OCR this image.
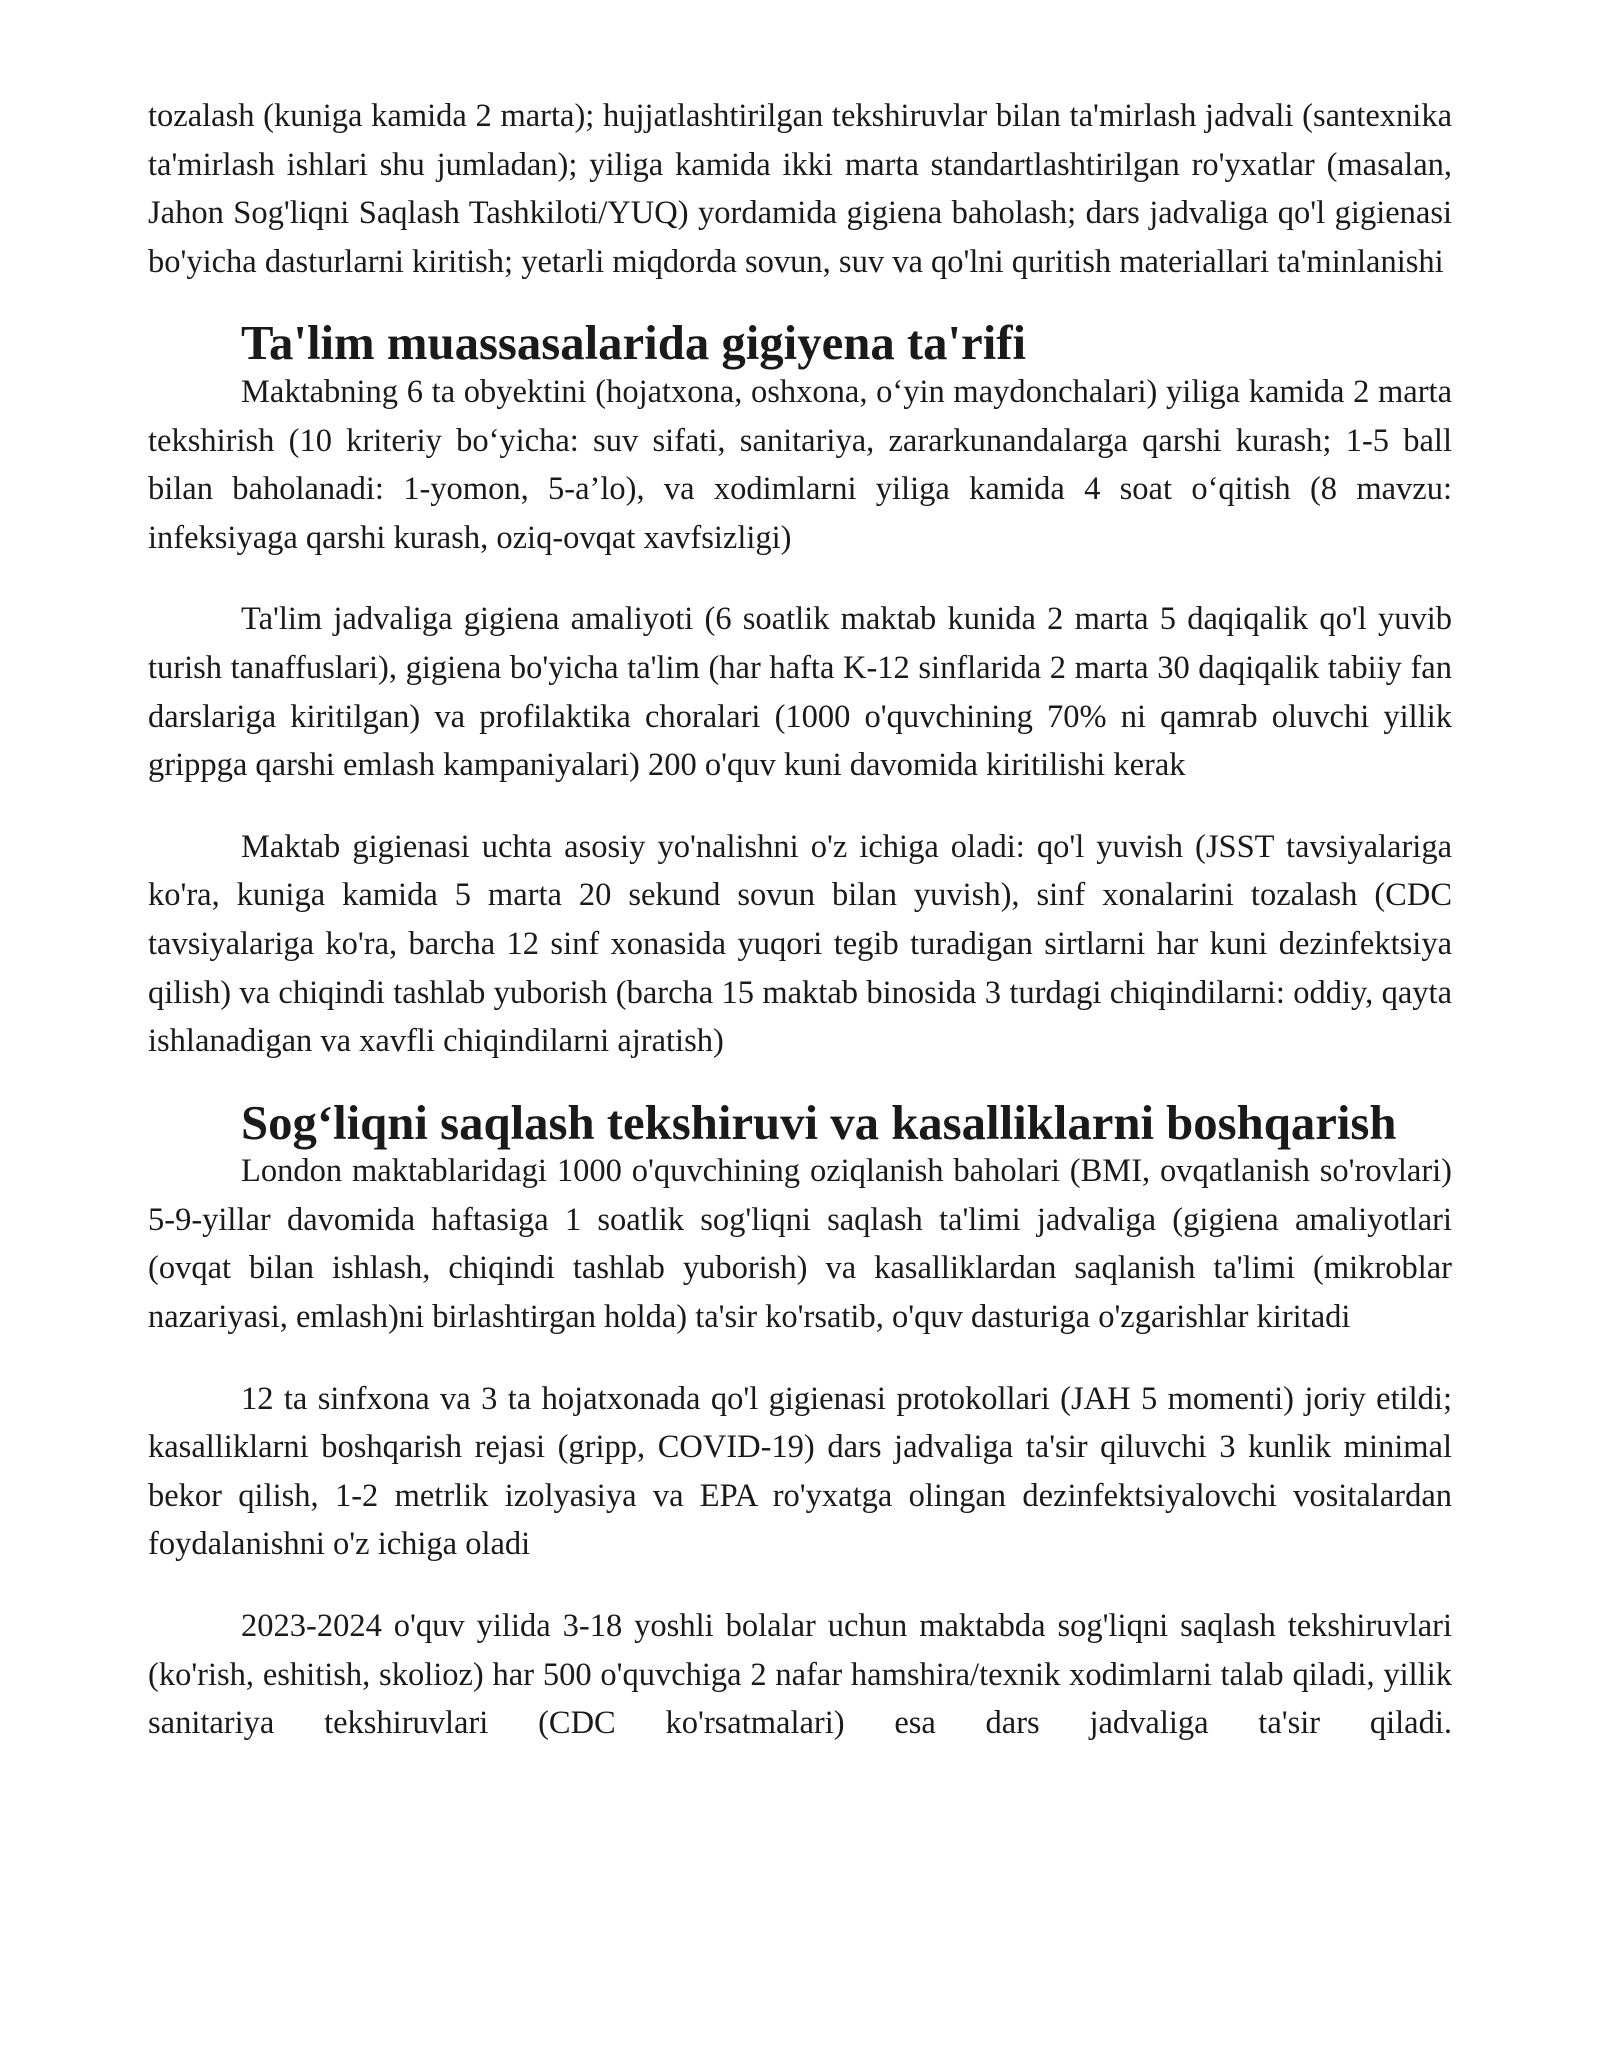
tozalash (kuniga kamida 2 marta); hujjatlashtirilgan tekshiruvlar bilan ta'mirlash jadvali (santexnika ta'mirlash ishlari shu jumladan); yiliga kamida ikki marta standartlashtirilgan ro'yxatlar (masalan, Jahon Sog'liqni Saqlash Tashkiloti/YUQ) yordamida gigiena baholash; dars jadvaliga qo'l gigienasi bo'yicha dasturlarni kiritish; yetarli miqdorda sovun, suv va qo'lni quritish materiallari ta'minlanishi

Ta'lim muassasalarida gigiyena ta'rifi

Maktabning 6 ta obyektini (hojatxona, oshxona, o‘yin maydonchalari) yiliga kamida 2 marta tekshirish (10 kriteriy bo‘yicha: suv sifati, sanitariya, zararkunandalarga qarshi kurash; 1-5 ball bilan baholanadi: 1-yomon, 5-a’lo), va xodimlarni yiliga kamida 4 soat o‘qitish (8 mavzu: infeksiyaga qarshi kurash, oziq-ovqat xavfsizligi)

Ta'lim jadvaliga gigiena amaliyoti (6 soatlik maktab kunida 2 marta 5 daqiqalik qo'l yuvib turish tanaffuslari), gigiena bo'yicha ta'lim (har hafta K-12 sinflarida 2 marta 30 daqiqalik tabiiy fan darslariga kiritilgan) va profilaktika choralari (1000 o'quvchining 70% ni qamrab oluvchi yillik grippga qarshi emlash kampaniyalari) 200 o'quv kuni davomida kiritilishi kerak

Maktab gigienasi uchta asosiy yo'nalishni o'z ichiga oladi: qo'l yuvish (JSST tavsiyalariga ko'ra, kuniga kamida 5 marta 20 sekund sovun bilan yuvish), sinf xonalarini tozalash (CDC tavsiyalariga ko'ra, barcha 12 sinf xonasida yuqori tegib turadigan sirtlarni har kuni dezinfektsiya qilish) va chiqindi tashlab yuborish (barcha 15 maktab binosida 3 turdagi chiqindilarni: oddiy, qayta ishlanadigan va xavfli chiqindilarni ajratish)

Sog‘liqni saqlash tekshiruvi va kasalliklarni boshqarish

London maktablaridagi 1000 o'quvchining oziqlanish baholari (BMI, ovqatlanish so'rovlari) 5-9-yillar davomida haftasiga 1 soatlik sog'liqni saqlash ta'limi jadvaliga (gigiena amaliyotlari (ovqat bilan ishlash, chiqindi tashlab yuborish) va kasalliklardan saqlanish ta'limi (mikroblar nazariyasi, emlash)ni birlashtirgan holda) ta'sir ko'rsatib, o'quv dasturiga o'zgarishlar kiritadi

12 ta sinfxona va 3 ta hojatxonada qo'l gigienasi protokollari (JAH 5 momenti) joriy etildi; kasalliklarni boshqarish rejasi (gripp, COVID-19) dars jadvaliga ta'sir qiluvchi 3 kunlik minimal bekor qilish, 1-2 metrlik izolyasiya va EPA ro'yxatga olingan dezinfektsiyalovchi vositalardan foydalanishni o'z ichiga oladi

2023-2024 o'quv yilida 3-18 yoshli bolalar uchun maktabda sog'liqni saqlash tekshiruvlari (ko'rish, eshitish, skolioz) har 500 o'quvchiga 2 nafar hamshira/texnik xodimlarni talab qiladi, yillik sanitariya tekshiruvlari (CDC ko'rsatmalari) esa dars jadvaliga ta'sir qiladi.
